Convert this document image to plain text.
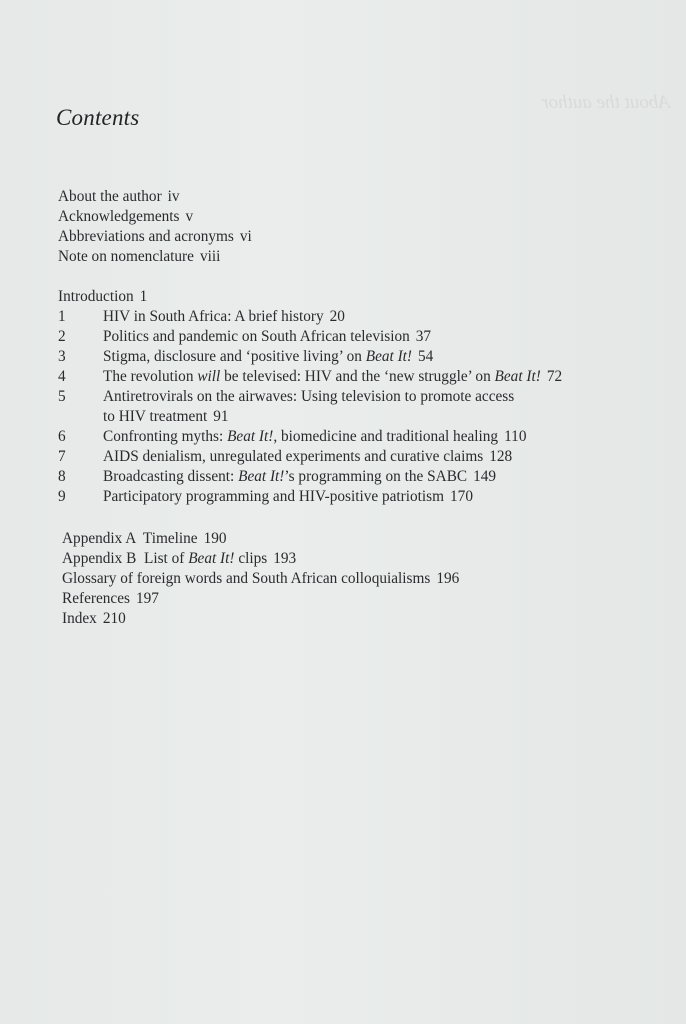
About the author
Contents
About the author iv
Acknowledgements v
Abbreviations and acronyms vi
Note on nomenclature viii
Introduction 1
1 HIV in South Africa: A brief history 20
2 Politics and pandemic on South African television 37
3 Stigma, disclosure and ‘positive living’ on Beat It! 54
4 The revolution will be televised: HIV and the ‘new struggle’ on Beat It! 72
5 Antiretrovirals on the airwaves: Using television to promote access
to HIV treatment 91
6 Confronting myths: Beat It!, biomedicine and traditional healing 110
7 AIDS denialism, unregulated experiments and curative claims 128
8 Broadcasting dissent: Beat It!’s programming on the SABC 149
9 Participatory programming and HIV-positive patriotism 170
Appendix A  Timeline 190
Appendix B  List of Beat It! clips 193
Glossary of foreign words and South African colloquialisms 196
References 197
Index 210
